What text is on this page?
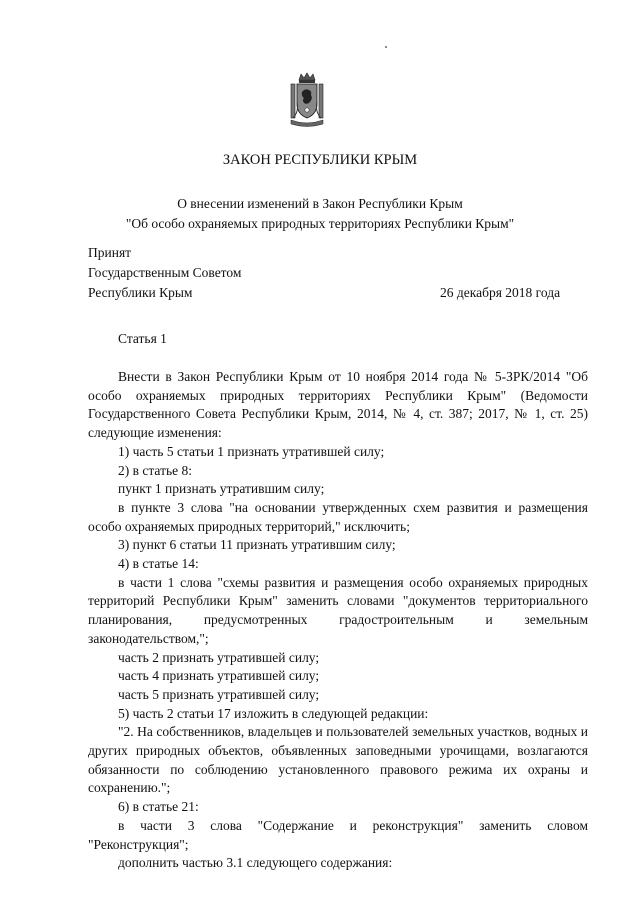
ЗАКОН РЕСПУБЛИКИ КРЫМ
О внесении изменений в Закон Республики Крым
"Об особо охраняемых природных территориях Республики Крым"
Принят
Государственным Советом
Республики Крым	26 декабря 2018 года
Статья 1

Внести в Закон Республики Крым от 10 ноября 2014 года № 5-ЗРК/2014 "Об особо охраняемых природных территориях Республики Крым" (Ведомости Государственного Совета Республики Крым, 2014, № 4, ст. 387; 2017, № 1, ст. 25) следующие изменения:

1) часть 5 статьи 1 признать утратившей силу;

2) в статье 8:

пункт 1 признать утратившим силу;

в пункте 3 слова "на основании утвержденных схем развития и размещения особо охраняемых природных территорий," исключить;

3) пункт 6 статьи 11 признать утратившим силу;

4) в статье 14:

в части 1 слова "схемы развития и размещения особо охраняемых природных территорий Республики Крым" заменить словами "документов территориального планирования, предусмотренных градостроительным и земельным законодательством,";

часть 2 признать утратившей силу;

часть 4 признать утратившей силу;

часть 5 признать утратившей силу;

5) часть 2 статьи 17 изложить в следующей редакции:

"2. На собственников, владельцев и пользователей земельных участков, водных и других природных объектов, объявленных заповедными урочищами, возлагаются обязанности по соблюдению установленного правового режима их охраны и сохранению.";

6) в статье 21:

в части 3 слова "Содержание и реконструкция" заменить словом "Реконструкция";

дополнить частью 3.1 следующего содержания:
